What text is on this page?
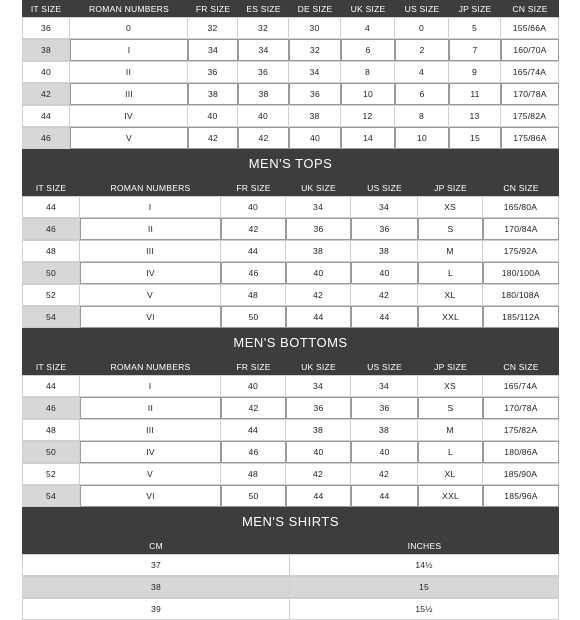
IT SIZE	ROMAN NUMBERS	FR SIZE	ES SIZE	DE SIZE	UK SIZE	US SIZE	JP SIZE	CN SIZE
36	0	32	32	30	4	0	5	155/66A
38	I	34	34	32	6	2	7	160/70A
40	II	36	36	34	8	4	9	165/74A
42	III	38	38	36	10	6	11	170/78A
44	IV	40	40	38	12	8	13	175/82A
46	V	42	42	40	14	10	15	175/86A
MEN'S TOPS
IT SIZE	ROMAN NUMBERS	FR SIZE	UK SIZE	US SIZE	JP SIZE	CN SIZE
44	I	40	34	34	XS	165/80A
46	II	42	36	36	S	170/84A
48	III	44	38	38	M	175/92A
50	IV	46	40	40	L	180/100A
52	V	48	42	42	XL	180/108A
54	VI	50	44	44	XXL	185/112A
MEN'S BOTTOMS
IT SIZE	ROMAN NUMBERS	FR SIZE	UK SIZE	US SIZE	JP SIZE	CN SIZE
44	I	40	34	34	XS	165/74A
46	II	42	36	36	S	170/78A
48	III	44	38	38	M	175/82A
50	IV	46	40	40	L	180/86A
52	V	48	42	42	XL	185/90A
54	VI	50	44	44	XXL	185/96A
MEN'S SHIRTS
CM	INCHES
37	14½
38	15
39	15½
